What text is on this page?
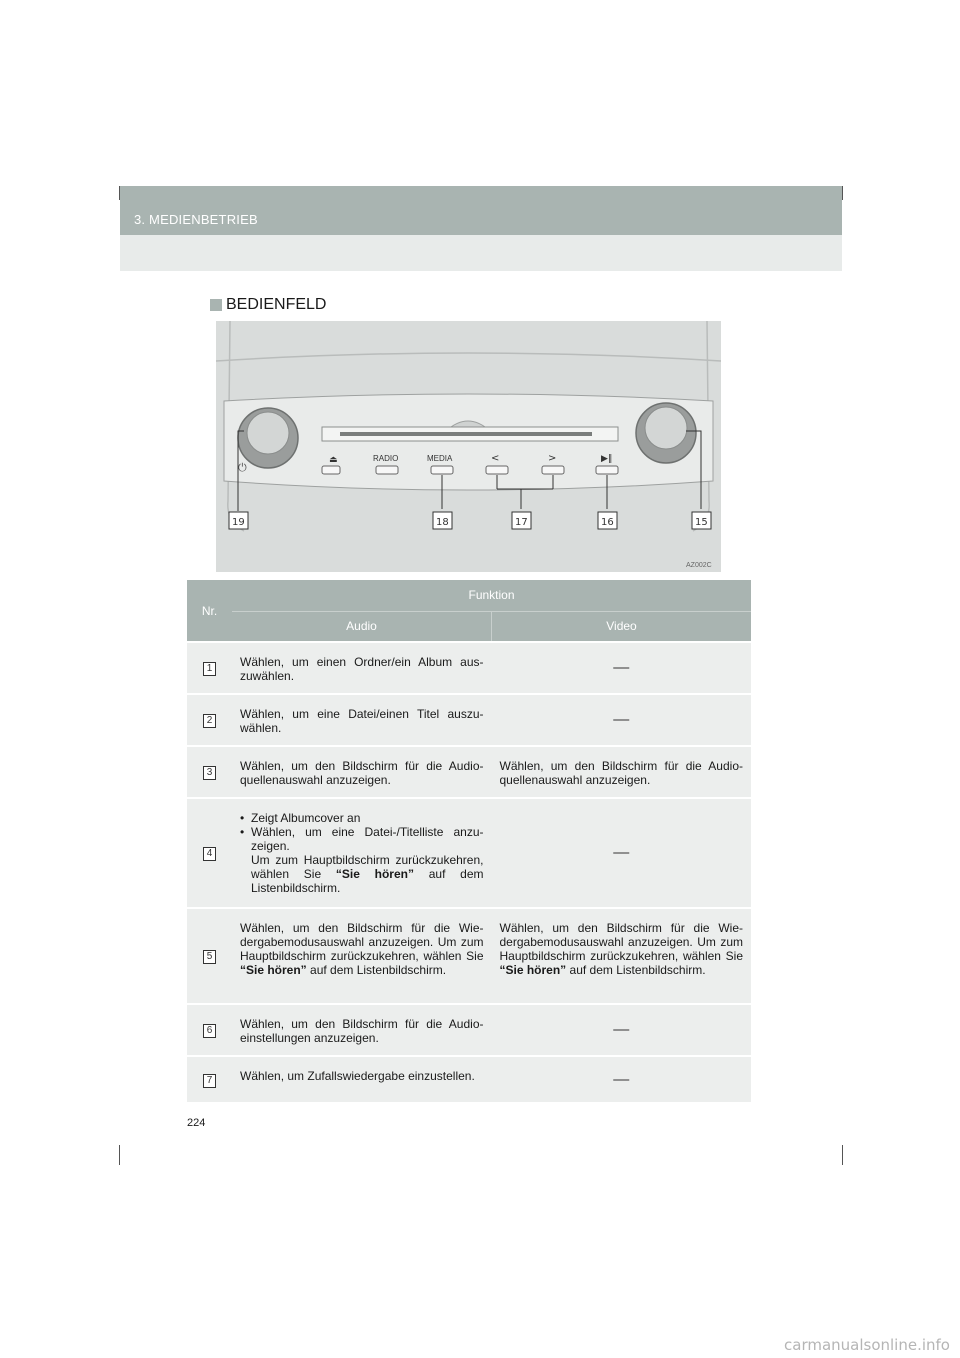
3. MEDIENBETRIEB
BEDIENFELD
⏻
⏏	RADIO	MEDIA	<	>	▶‖
19	18	17	16	15
AZ002C
Nr.	Funktion	
	Audio	Video
1	Wählen, um einen Ordner/ein Album auszuwählen.	—
2	Wählen, um eine Datei/einen Titel auszuwählen.	—
3	Wählen, um den Bildschirm für die Audioquellenauswahl anzuzeigen.	Wählen, um den Bildschirm für die Audioquellenauswahl anzuzeigen.
4	• Zeigt Albumcover an
• Wählen, um eine Datei-/Titelliste anzuzeigen.
Um zum Hauptbildschirm zurückzukehren, wählen Sie “Sie hören” auf dem Listenbildschirm.	—
5	Wählen, um den Bildschirm für die Wiedergabemodusauswahl anzuzeigen. Um zum Hauptbildschirm zurückzukehren, wählen Sie “Sie hören” auf dem Listenbildschirm.	Wählen, um den Bildschirm für die Wiedergabemodusauswahl anzuzeigen. Um zum Hauptbildschirm zurückzukehren, wählen Sie “Sie hören” auf dem Listenbildschirm.
6	Wählen, um den Bildschirm für die Audioeinstellungen anzuzeigen.	—
7	Wählen, um Zufallswiedergabe einzustellen.	—
224
carmanualsonline.info
